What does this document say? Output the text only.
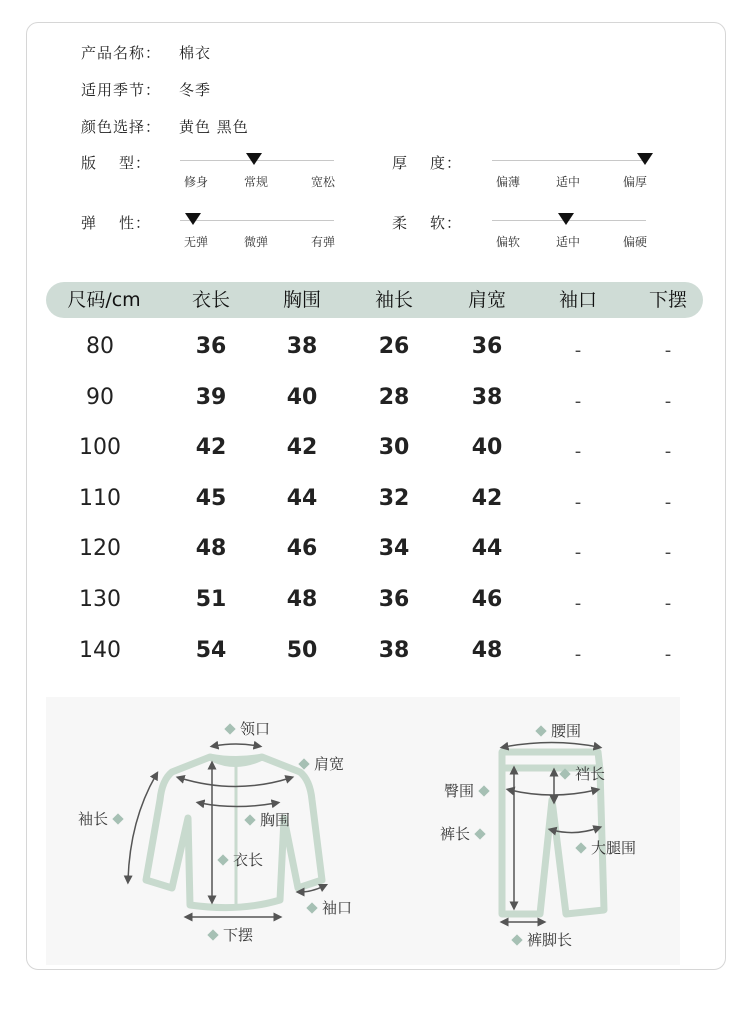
产品名称： 棉衣
适用季节： 冬季
颜色选择： 黄色 黑色
版 型：
修身	常规	宽松
厚 度：
偏薄	适中	偏厚
弹 性：
无弹	微弹	有弹
柔 软：
偏软	适中	偏硬
尺码/cm	衣长	胸围	袖长	肩宽	袖口	下摆
80	36	38	26	36	-	-
90	39	40	28	38	-	-
100	42	42	30	40	-	-
110	45	44	32	42	-	-
120	48	46	34	44	-	-
130	51	48	36	46	-	-
140	54	50	38	48	-	-
领口
肩宽
袖长	胸围
衣长
袖口
下摆
腰围
裆长
臀围
裤长
大腿围
裤脚长
